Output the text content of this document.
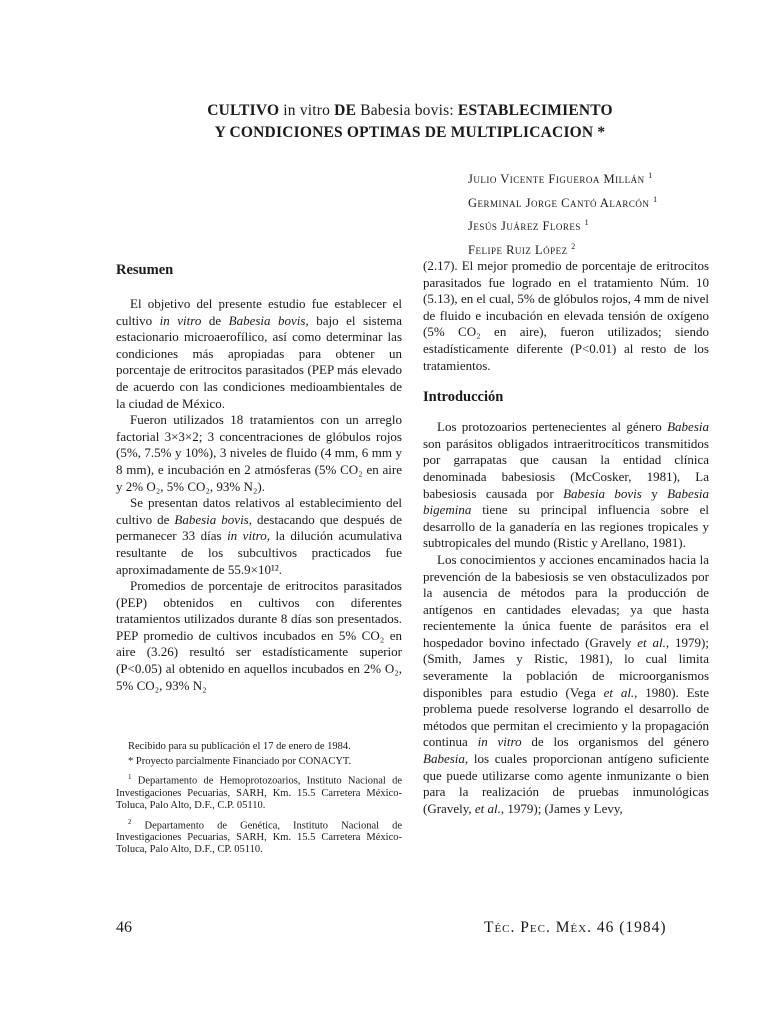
CULTIVO in vitro DE Babesia bovis: ESTABLECIMIENTO
Y CONDICIONES OPTIMAS DE MULTIPLICACION *
Julio Vicente Figueroa Millán $^1$
Germinal Jorge Cantó Alarcón $^1$
Jesús Juárez Flores $^1$
Felipe Ruiz López $^2$
Resumen

El objetivo del presente estudio fue establecer el cultivo in vitro de Babesia bovis, bajo el sistema estacionario microaerofílico, así como determinar las condiciones más apropiadas para obtener un porcentaje de eritrocitos parasitados (PEP más elevado de acuerdo con las condiciones medioambientales de la ciudad de México.

Fueron utilizados 18 tratamientos con un arreglo factorial 3×3×2; 3 concentraciones de glóbulos rojos (5%, 7.5% y 10%), 3 niveles de fluido (4 mm, 6 mm y 8 mm), e incubación en 2 atmósferas (5% CO₂ en aire y 2% O₂, 5% CO₂, 93% N₂).

Se presentan datos relativos al establecimiento del cultivo de Babesia bovis, destacando que después de permanecer 33 días in vitro, la dilución acumulativa resultante de los subcultivos practicados fue aproximadamente de 55.9×10¹².

Promedios de porcentaje de eritrocitos parasitados (PEP) obtenidos en cultivos con diferentes tratamientos utilizados durante 8 días son presentados. PEP promedio de cultivos incubados en 5% CO₂ en aire (3.26) resultó ser estadísticamente superior (P<0.05) al obtenido en aquellos incubados en 2% O₂, 5% CO₂, 93% N₂

Recibido para su publicación el 17 de enero de 1984.

* Proyecto parcialmente Financiado por CONACYT.

$^1$ Departamento de Hemoprotozoarios, Instituto Nacional de Investigaciones Pecuarias, SARH, Km. 15.5 Carretera México-Toluca, Palo Alto, D.F., C.P. 05110.

$^2$ Departamento de Genética, Instituto Nacional de Investigaciones Pecuarias, SARH, Km. 15.5 Carretera México-Toluca, Palo Alto, D.F., CP. 05110.

(2.17). El mejor promedio de porcentaje de eritrocitos parasitados fue logrado en el tratamiento Núm. 10 (5.13), en el cual, 5% de glóbulos rojos, 4 mm de nivel de fluido e incubación en elevada tensión de oxígeno (5% CO₂ en aire), fueron utilizados; siendo estadísticamente diferente (P<0.01) al resto de los tratamientos.

Introducción

Los protozoarios pertenecientes al género Babesia son parásitos obligados intraeritrocíticos transmitidos por garrapatas que causan la entidad clínica denominada babesiosis (McCosker, 1981), La babesiosis causada por Babesia bovis y Babesia bigemina tiene su principal influencia sobre el desarrollo de la ganadería en las regiones tropicales y subtropicales del mundo (Ristic y Arellano, 1981).

Los conocimientos y acciones encaminados hacia la prevención de la babesiosis se ven obstaculizados por la ausencia de métodos para la producción de antígenos en cantidades elevadas; ya que hasta recientemente la única fuente de parásitos era el hospedador bovino infectado (Gravely et al., 1979); (Smith, James y Ristic, 1981), lo cual limita severamente la población de microorganismos disponibles para estudio (Vega et al., 1980). Este problema puede resolverse logrando el desarrollo de métodos que permitan el crecimiento y la propagación continua in vitro de los organismos del género Babesia, los cuales proporcionan antígeno suficiente que puede utilizarse como agente inmunizante o bien para la realización de pruebas inmunológicas (Gravely, et al., 1979); (James y Levy,

46	Téc. Pec. Méx. 46 (1984)
